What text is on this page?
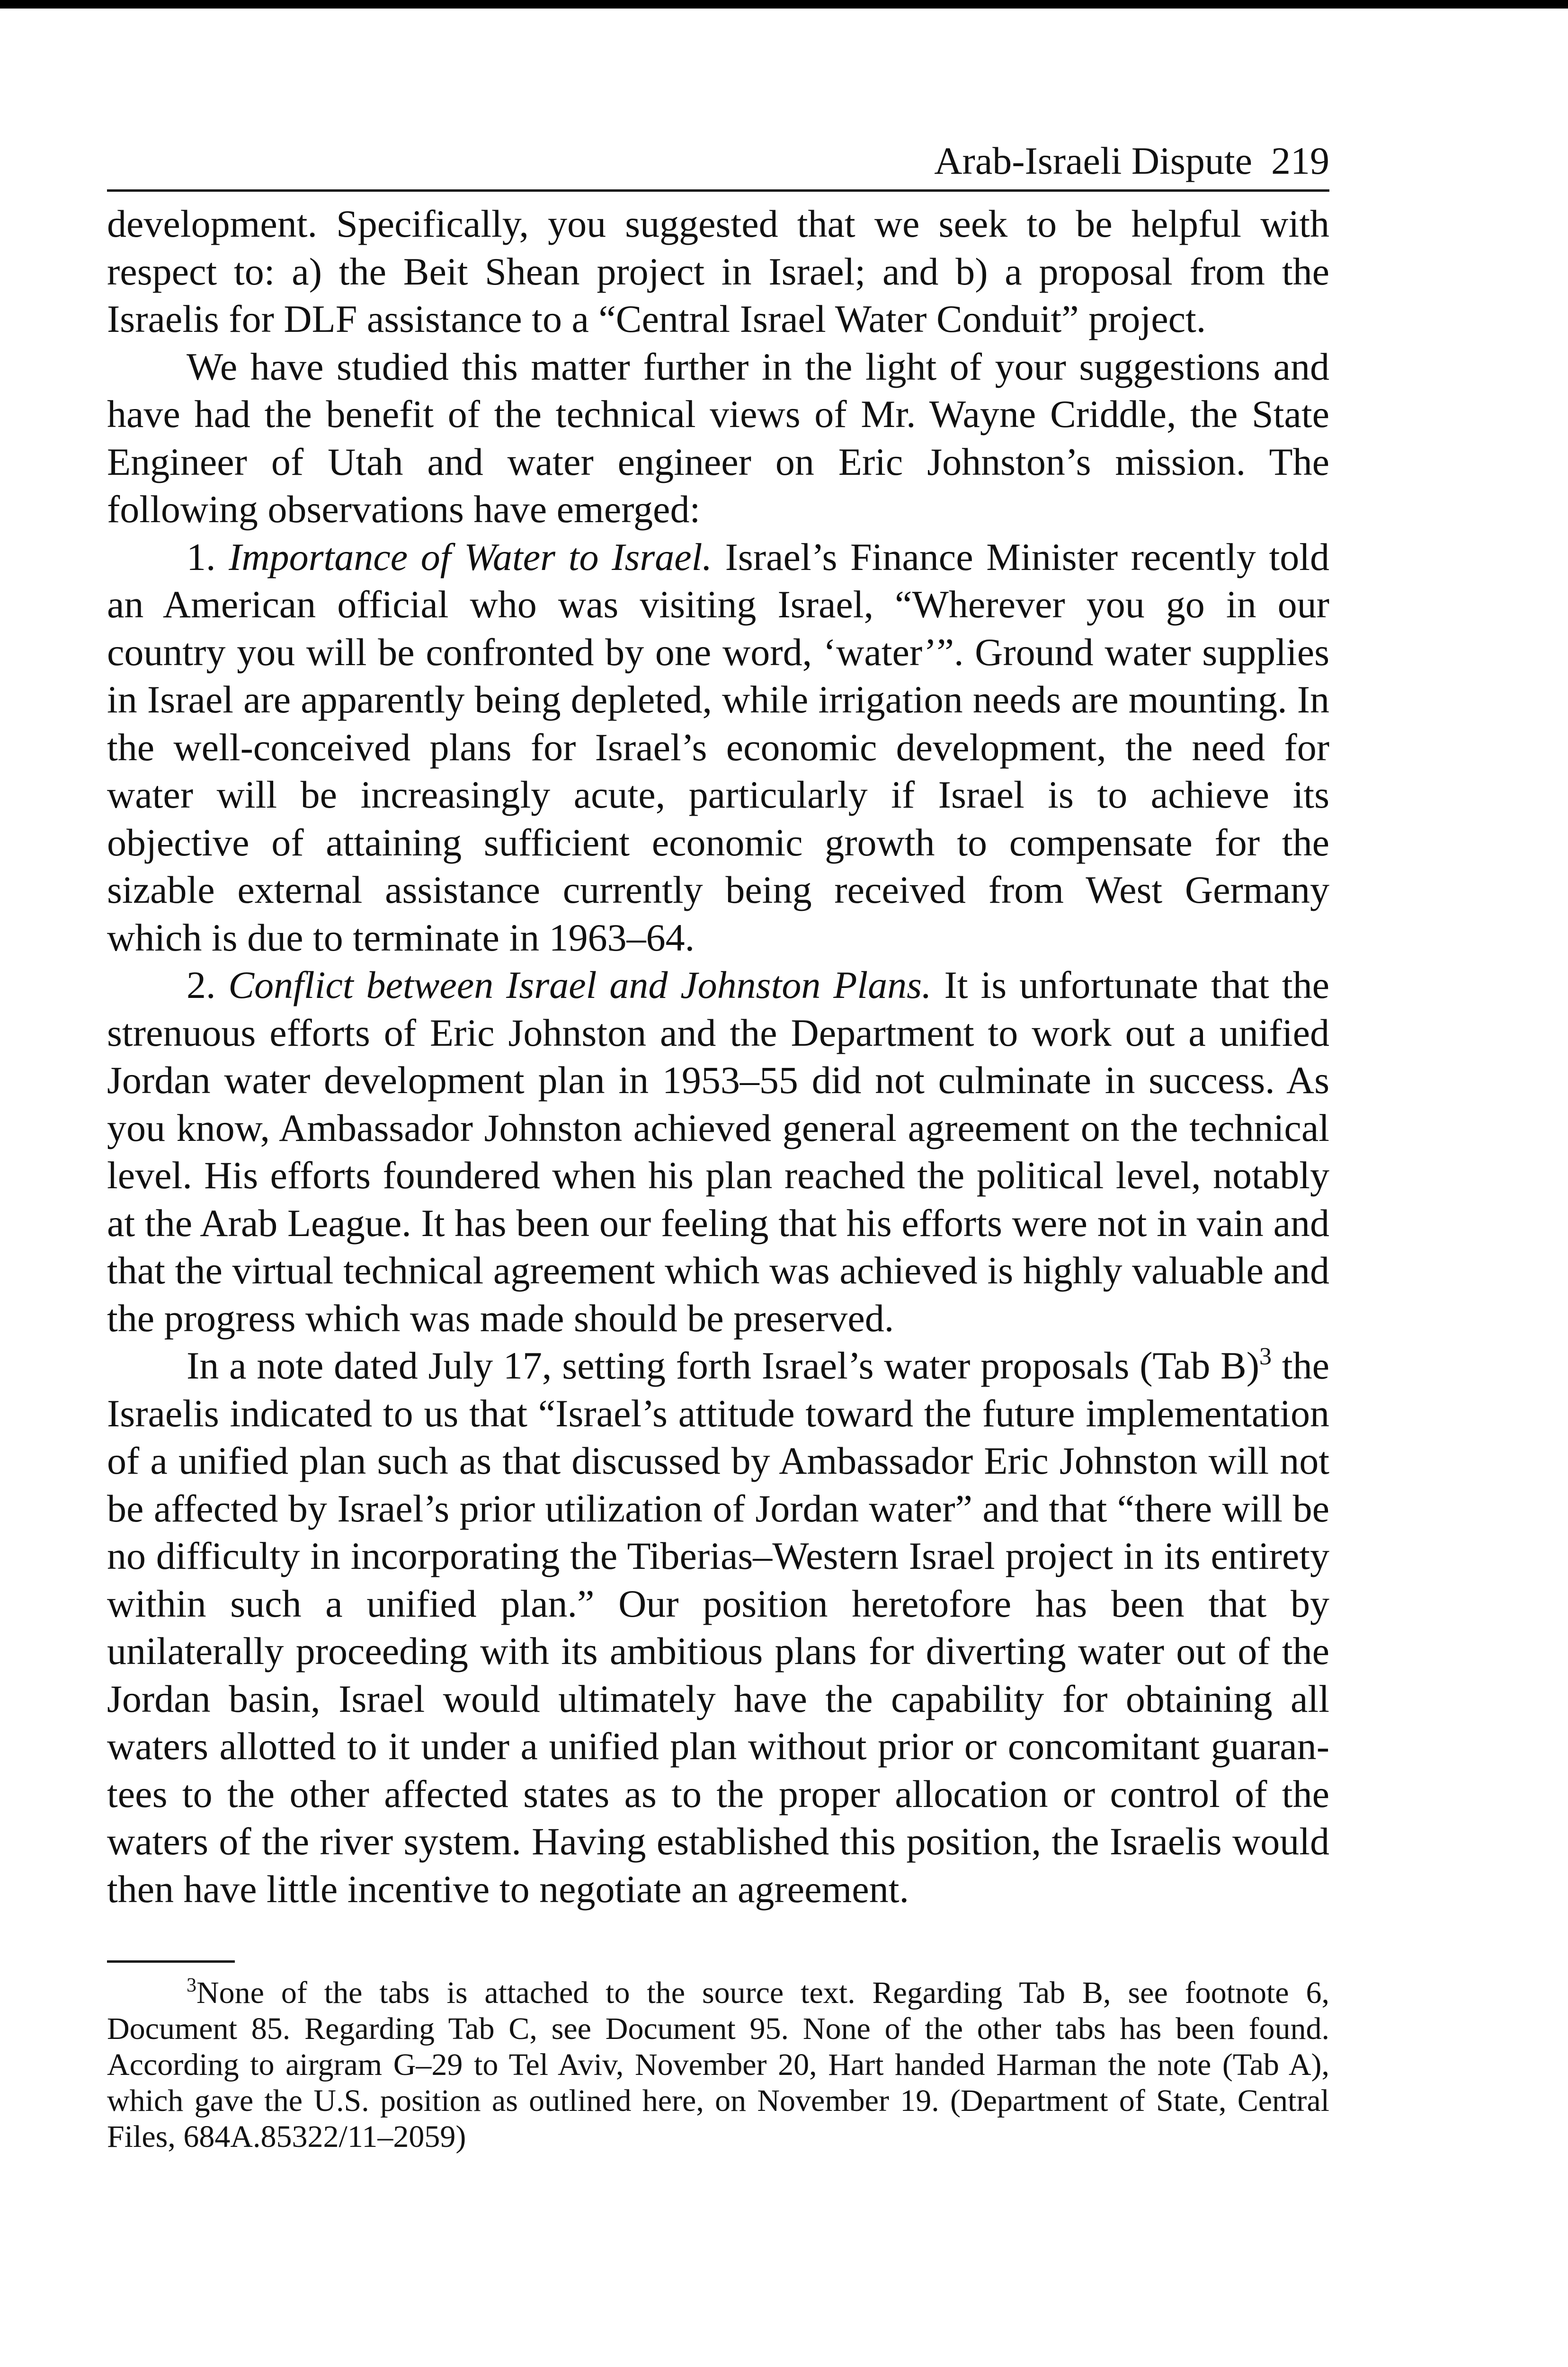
Arab-Israeli Dispute 219

development. Specifically, you suggested that we seek to be helpful with respect to: a) the Beit Shean project in Israel; and b) a proposal from the Israelis for DLF assistance to a “Central Israel Water Conduit” project.

We have studied this matter further in the light of your suggestions and have had the benefit of the technical views of Mr. Wayne Criddle, the State Engineer of Utah and water engineer on Eric Johnston’s mission. The following observations have emerged:

1. Importance of Water to Israel. Israel’s Finance Minister recently told an American official who was visiting Israel, “Wherever you go in our country you will be confronted by one word, ‘water’”. Ground water supplies in Israel are apparently being depleted, while irrigation needs are mounting. In the well-conceived plans for Israel’s economic development, the need for water will be increasingly acute, particularly if Israel is to achieve its objective of attaining sufficient economic growth to compensate for the sizable external assistance currently being received from West Germany which is due to terminate in 1963–64.

2. Conflict between Israel and Johnston Plans. It is unfortunate that the strenuous efforts of Eric Johnston and the Department to work out a unified Jordan water development plan in 1953–55 did not culminate in success. As you know, Ambassador Johnston achieved general agreement on the technical level. His efforts foundered when his plan reached the political level, notably at the Arab League. It has been our feeling that his efforts were not in vain and that the virtual technical agreement which was achieved is highly valuable and the progress which was made should be preserved.

In a note dated July 17, setting forth Israel’s water proposals (Tab B)$^3$ the Israelis indicated to us that “Israel’s attitude toward the future implementation of a unified plan such as that discussed by Ambassador Eric Johnston will not be affected by Israel’s prior utilization of Jordan water” and that “there will be no difficulty in incorporating the Tiberias–Western Israel project in its entirety within such a unified plan.” Our position heretofore has been that by unilaterally proceeding with its ambitious plans for diverting water out of the Jordan basin, Israel would ultimately have the capability for obtaining all waters allotted to it under a unified plan without prior or concomitant guarantees to the other affected states as to the proper allocation or control of the waters of the river system. Having established this position, the Israelis would then have little incentive to negotiate an agreement.

$^3$None of the tabs is attached to the source text. Regarding Tab B, see footnote 6, Document 85. Regarding Tab C, see Document 95. None of the other tabs has been found. According to airgram G–29 to Tel Aviv, November 20, Hart handed Harman the note (Tab A), which gave the U.S. position as outlined here, on November 19. (Department of State, Central Files, 684A.85322/11–2059)
